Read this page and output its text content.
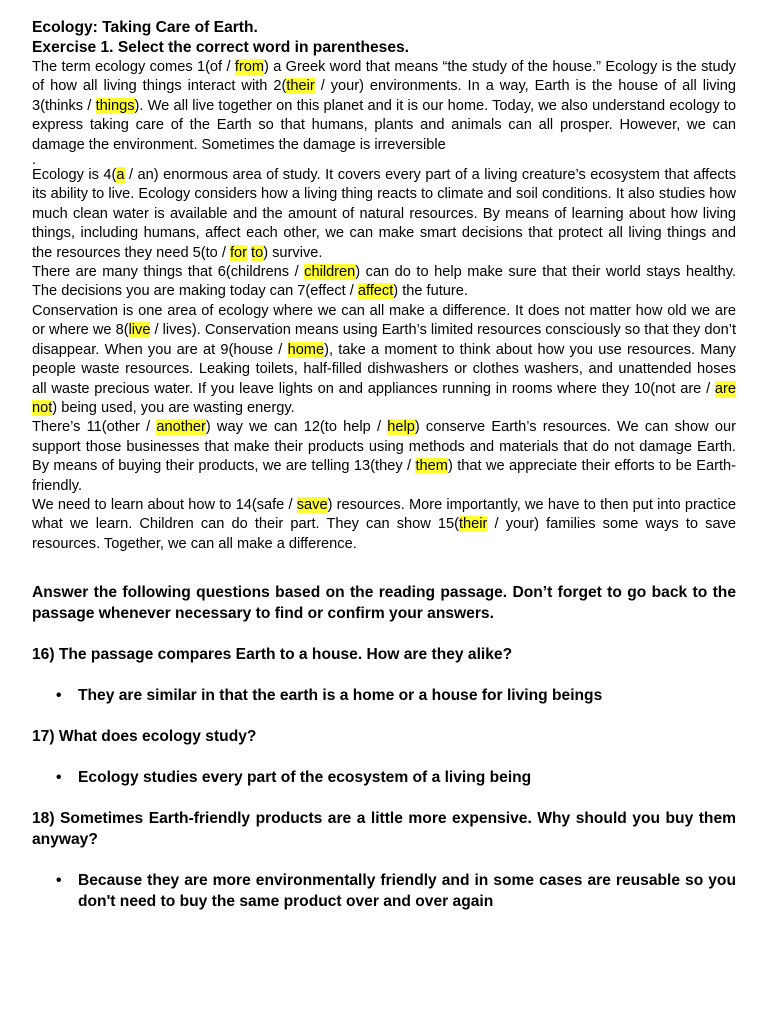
Ecology: Taking Care of Earth.
Exercise 1. Select the correct word in parentheses.

The term ecology comes 1(of / from) a Greek word that means “the study of the house.” Ecology is the study of how all living things interact with 2(their / your) environments. In a way, Earth is the house of all living 3(thinks / things). We all live together on this planet and it is our home. Today, we also understand ecology to express taking care of the Earth so that humans, plants and animals can all prosper. However, we can damage the environment. Sometimes the damage is irreversible

.

Ecology is 4(a / an) enormous area of study. It covers every part of a living creature’s ecosystem that affects its ability to live. Ecology considers how a living thing reacts to climate and soil conditions. It also studies how much clean water is available and the amount of natural resources. By means of learning about how living things, including humans, affect each other, we can make smart decisions that protect all living things and the resources they need 5(to / for to) survive.

There are many things that 6(childrens / children) can do to help make sure that their world stays healthy. The decisions you are making today can 7(effect / affect) the future.

Conservation is one area of ecology where we can all make a difference. It does not matter how old we are or where we 8(live / lives). Conservation means using Earth’s limited resources consciously so that they don’t disappear. When you are at 9(house / home), take a moment to think about how you use resources. Many people waste resources. Leaking toilets, half-filled dishwashers or clothes washers, and unattended hoses all waste precious water. If you leave lights on and appliances running in rooms where they 10(not are / are not) being used, you are wasting energy.

There’s 11(other / another) way we can 12(to help / help) conserve Earth’s resources. We can show our support those businesses that make their products using methods and materials that do not damage Earth. By means of buying their products, we are telling 13(they / them) that we appreciate their efforts to be Earth-friendly.

We need to learn about how to 14(safe / save) resources. More importantly, we have to then put into practice what we learn. Children can do their part. They can show 15(their / your) families some ways to save resources. Together, we can all make a difference.

Answer the following questions based on the reading passage. Don’t forget to go back to the passage whenever necessary to find or confirm your answers.

16) The passage compares Earth to a house. How are they alike?

• They are similar in that the earth is a home or a house for living beings

17) What does ecology study?

• Ecology studies every part of the ecosystem of a living being

18) Sometimes Earth-friendly products are a little more expensive. Why should you buy them anyway?

• Because they are more environmentally friendly and in some cases are reusable so you don't need to buy the same product over and over again
